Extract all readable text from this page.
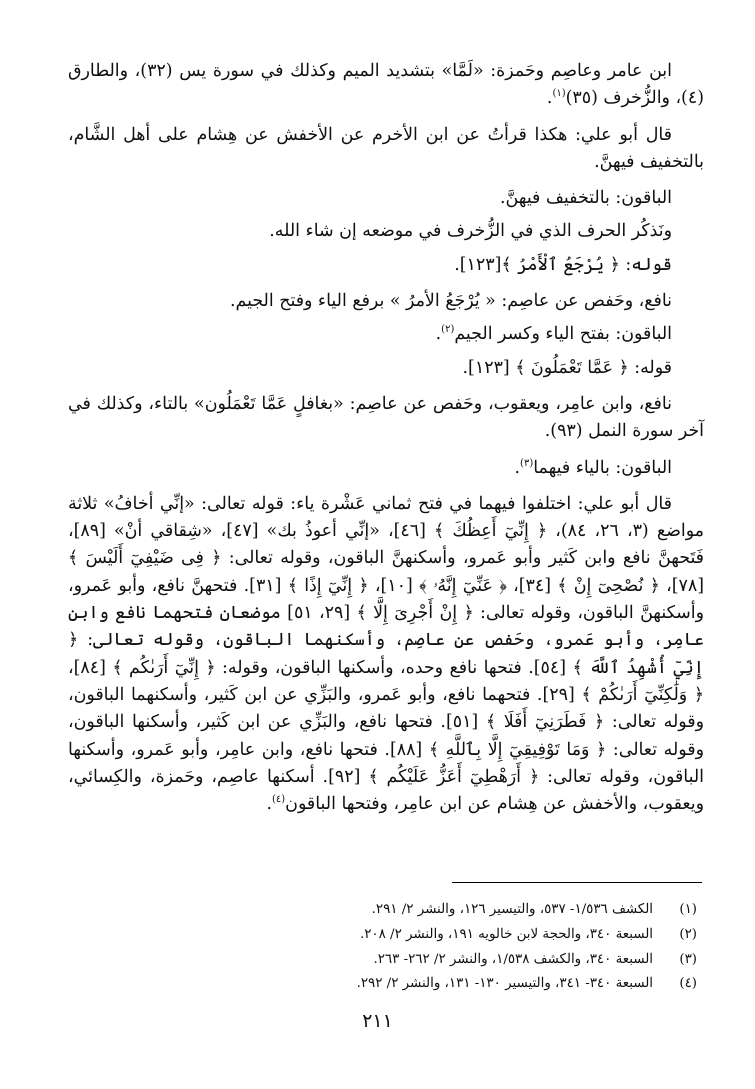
ابن عامر وعاصِم وحَمزة: «لَمَّا» بتشديد الميم وكذلك في سورة يس (٣٢)، والطارق (٤)، والزُّخرف (٣٥)$^{(١)}$.

قال أبو علي: هكذا قرأتُ عن ابن الأخرم عن الأخفش عن هِشام على أهل الشَّام، بالتخفيف فيهنَّ.

الباقون: بالتخفيف فيهنَّ.

ونَذكُر الحرف الذي في الزُّخرف في موضعه إن شاء الله.

قوله: ﴿ يُرْجَعُ ٱلْأَمْرُ ﴾[١٢٣].

نافع، وحَفص عن عاصِم: « يُرْجَعُ الأمرُ » برفع الياء وفتح الجيم.

الباقون: بفتح الياء وكسر الجيم$^{(٢)}$.

قوله: ﴿ عَمَّا تَعْمَلُونَ ﴾ [١٢٣].

نافع، وابن عامِر، ويعقوب، وحَفص عن عاصِم: «بغافلٍ عَمَّا تَعْمَلُون» بالتاء، وكذلك في آخر سورة النمل (٩٣).

الباقون: بالياء فيهما$^{(٣)}$.

قال أبو علي: اختلفوا فيهما في فتح ثماني عَشْرة ياء: قوله تعالى: «إنِّي أخافُ» ثلاثة مواضع (٣، ٢٦، ٨٤)، ﴿ إِنِّيٓ أَعِظُكَ ﴾ [٤٦]، «إنِّي أعوذُ بك» [٤٧]، «شِقاقي أنْ» [٨٩]، فَتَحهنَّ نافع وابن كَثير وأبو عَمرو، وأسكنهنَّ الباقون، وقوله تعالى: ﴿ فِى ضَيْفِيٓ أَلَيْسَ ﴾ [٧٨]، ﴿ نُصْحِىٓ إِنْ ﴾ [٣٤]، ﴿ عَنِّيٓ إِنَّهُۥ ﴾ [١٠]، ﴿ إِنِّيٓ إِذًا ﴾ [٣١]. فتحهنَّ نافع، وأبو عَمرو، وأسكنهنَّ الباقون، وقوله تعالى: ﴿ إِنْ أَجْرِىَ إِلَّا ﴾ [٢٩، ٥١] موضعان فتحهما نافع وابن عامِر، وأبو عَمرو، وحَفص عن عاصِم، وأسكنهما الباقون، وقوله تعالى: ﴿ إِنِّيٓ أُشْهِدُ ٱللَّهَ ﴾ [٥٤]. فتحها نافع وحده، وأسكنها الباقون، وقوله: ﴿ إِنِّيٓ أَرَىٰكُم ﴾ [٨٤]، ﴿ وَلَٰكِنِّيٓ أَرَىٰكُمْ ﴾ [٢٩]. فتحهما نافع، وأبو عَمرو، والبَزِّي عن ابن كَثير، وأسكنهما الباقون، وقوله تعالى: ﴿ فَطَرَنِيٓ أَفَلَا ﴾ [٥١]. فتحها نافع، والبَزِّي عن ابن كَثير، وأسكنها الباقون، وقوله تعالى: ﴿ وَمَا تَوْفِيقِيٓ إِلَّا بِٱللَّهِ ﴾ [٨٨]. فتحها نافع، وابن عامِر، وأبو عَمرو، وأسكنها الباقون، وقوله تعالى: ﴿ أَرَهْطِيٓ أَعَزُّ عَلَيْكُم ﴾ [٩٢]. أسكنها عاصِم، وحَمزة، والكِسائي، ويعقوب، والأخفش عن هِشام عن ابن عامِر، وفتحها الباقون$^{(٤)}$.

(١)
الكشف ١/٥٣٦- ٥٣٧، والتيسير ١٢٦، والنشر ٢/ ٢٩١.
(٢)
السبعة ٣٤٠، والحجة لابن خالويه ١٩١، والنشر ٢/ ٢٠٨.
(٣)
السبعة ٣٤٠، والكشف ١/٥٣٨، والنشر ٢/ ٢٦٢- ٢٦٣.
(٤)
السبعة ٣٤٠- ٣٤١، والتيسير ١٣٠- ١٣١، والنشر ٢/ ٢٩٢.
٢١١
